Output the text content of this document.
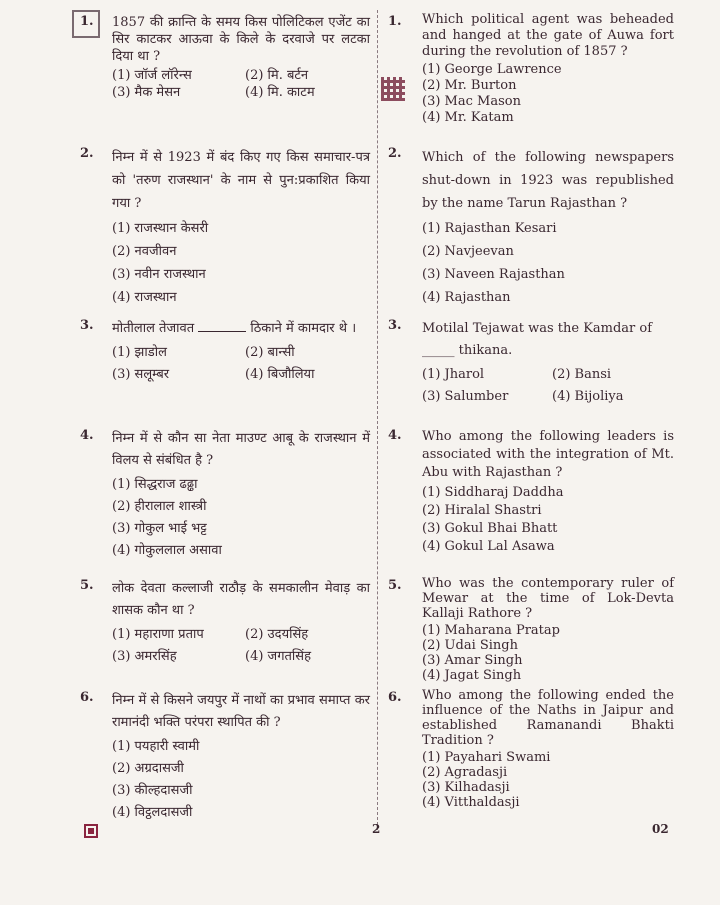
1. 1857 की क्रान्ति के समय किस पोलिटिकल एजेंट का सिर काटकर आऊवा के किले के दरवाजे पर लटका दिया था ?
(1) जॉर्ज लॉरेन्स	(2) मि. बर्टन
(3) मैक मेसन	(4) मि. काटम
1. Which political agent was beheaded and hanged at the gate of Auwa fort during the revolution of 1857 ?
(1) George Lawrence
(2) Mr. Burton
(3) Mac Mason
(4) Mr. Katam
2. निम्न में से 1923 में बंद किए गए किस समाचार-पत्र को 'तरुण राजस्थान' के नाम से पुन:प्रकाशित किया गया ?
(1) राजस्थान केसरी
(2) नवजीवन
(3) नवीन राजस्थान
(4) राजस्थान
2. Which of the following newspapers shut-down in 1923 was republished by the name Tarun Rajasthan ?
(1) Rajasthan Kesari
(2) Navjeevan
(3) Naveen Rajasthan
(4) Rajasthan
3. मोतीलाल तेजावत	ठिकाने में कामदार थे ।
(1) झाडोल	(2) बान्सी
(3) सलूम्बर	(4) बिजौलिया
3. Motilal Tejawat was the Kamdar of
_____ thikana.
(1) Jharol	(2) Bansi
(3) Salumber	(4) Bijoliya
4. निम्न में से कौन सा नेता माउण्ट आबू के राजस्थान में विलय से संबंधित है ?
(1) सिद्धराज ढढ्ढा
(2) हीरालाल शास्त्री
(3) गोकुल भाई भट्ट
(4) गोकुललाल असावा
4. Who among the following leaders is associated with the integration of Mt. Abu with Rajasthan ?
(1) Siddharaj Daddha
(2) Hiralal Shastri
(3) Gokul Bhai Bhatt
(4) Gokul Lal Asawa
5. लोक देवता कल्लाजी राठौड़ के समकालीन मेवाड़ का शासक कौन था ?
(1) महाराणा प्रताप	(2) उदयसिंह
(3) अमरसिंह	(4) जगतसिंह
5. Who was the contemporary ruler of Mewar at the time of Lok-Devta Kallaji Rathore ?
(1) Maharana Pratap
(2) Udai Singh
(3) Amar Singh
(4) Jagat Singh
6. निम्न में से किसने जयपुर में नाथों का प्रभाव समाप्त कर रामानंदी भक्ति परंपरा स्थापित की ?
(1) पयहारी स्वामी
(2) अग्रदासजी
(3) कील्हदासजी
(4) विट्ठलदासजी
6. Who among the following ended the influence of the Naths in Jaipur and established Ramanandi Bhakti Tradition ?
(1) Payahari Swami
(2) Agradasji
(3) Kilhadasji
(4) Vitthaldasji
2	02
